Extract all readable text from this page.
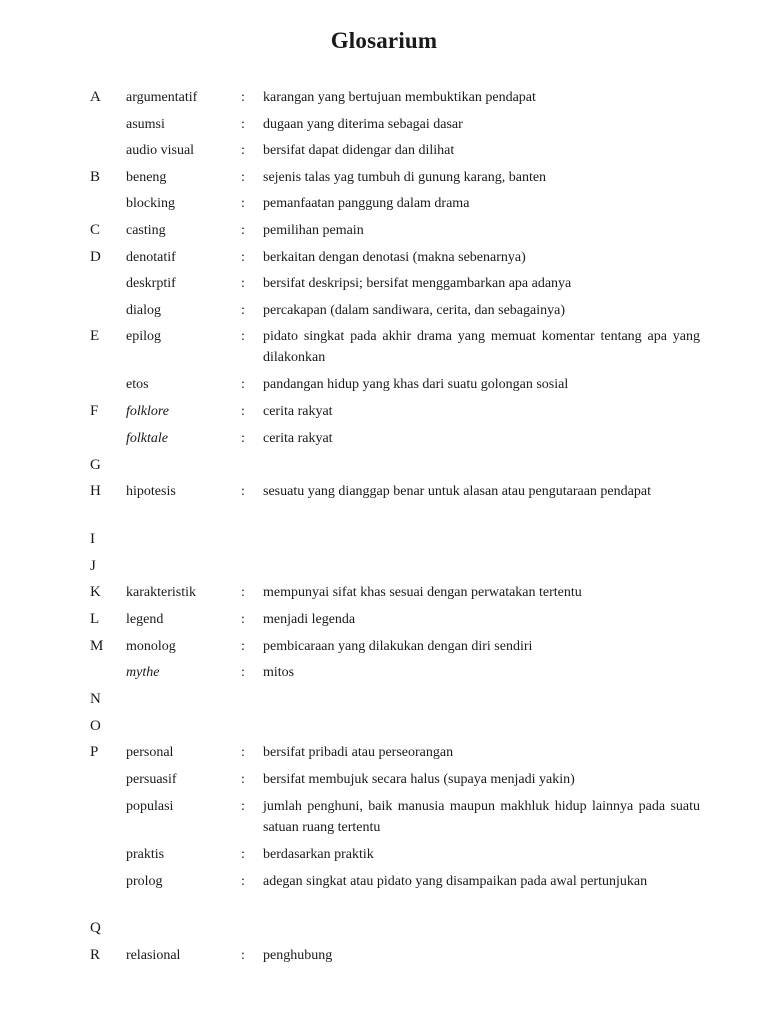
Glosarium
A	argumentatif	: karangan yang bertujuan membuktikan pendapat
asumsi	: dugaan yang diterima sebagai dasar
audio visual	: bersifat dapat didengar dan dilihat
B	beneng	: sejenis talas yag tumbuh di gunung karang, banten
blocking	: pemanfaatan panggung dalam drama
C	casting	: pemilihan pemain
D	denotatif	: berkaitan dengan denotasi (makna sebenarnya)
deskrptif	: bersifat deskripsi; bersifat menggambarkan apa adanya
dialog	: percakapan (dalam sandiwara, cerita, dan sebagainya)
E	epilog	: pidato singkat pada akhir drama yang memuat komentar tentang apa yang dilakonkan
etos	: pandangan hidup yang khas dari suatu golongan sosial
F	folklore	: cerita rakyat
folktale	: cerita rakyat
G
H	hipotesis	: sesuatu yang dianggap benar untuk alasan atau pengutaraan pendapat
I
J
K	karakteristik	: mempunyai sifat khas sesuai dengan perwatakan tertentu
L	legend	: menjadi legenda
M	monolog	: pembicaraan yang dilakukan dengan diri sendiri
mythe	: mitos
N
O
P	personal	: bersifat pribadi atau perseorangan
persuasif	: bersifat membujuk secara halus (supaya menjadi yakin)
populasi	: jumlah penghuni, baik manusia maupun makhluk hidup lainnya pada suatu satuan ruang tertentu
praktis	: berdasarkan praktik
prolog	: adegan singkat atau pidato yang disampaikan pada awal pertunjukan
Q
R	relasional	: penghubung
